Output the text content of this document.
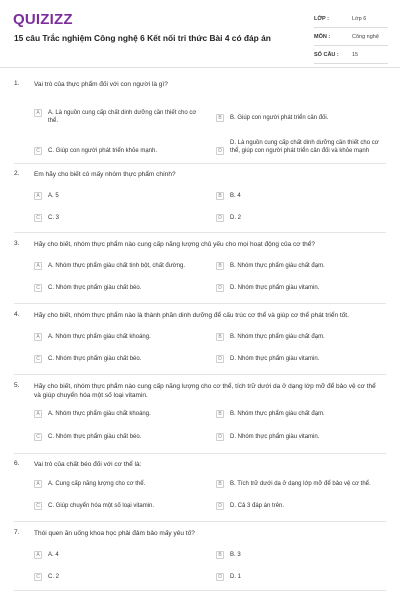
QUIZIZZ
15 câu Trắc nghiệm Công nghệ 6 Kết nối tri thức Bài 4 có đáp án
LỚP :	Lớp 6
MÔN :	Công nghệ
SỐ CÂU :	15
1. Vai trò của thực phẩm đối với con người là gì?
A	A. Là nguồn cung cấp chất dinh dưỡng cần thiết cho cơ thể.	B	B. Giúp con người phát triển cân đối.
C	C. Giúp con người phát triển khỏe mạnh.	D
D. Là nguồn cung cấp chất dinh dưỡng cần thiết cho cơ thể, giúp con người phát triển cân đối và khỏe mạnh
2. Em hãy cho biết có mấy nhóm thực phẩm chính?
A	A. 5	B	B. 4
C	C. 3	D	D. 2
3. Hãy cho biết, nhóm thực phẩm nào cung cấp năng lượng chủ yếu cho mọi hoạt động của cơ thể?
A	A. Nhóm thực phẩm giàu chất tinh bột, chất đường.	B	B. Nhóm thực phẩm giàu chất đạm.
C	C. Nhóm thực phẩm giàu chất béo.	D	D. Nhóm thực phẩm giàu vitamin.
4. Hãy cho biết, nhóm thực phẩm nào là thành phần dinh dưỡng để cấu trúc cơ thể và giúp cơ thể phát triển tốt.
A	A. Nhóm thực phẩm giàu chất khoáng.	B	B. Nhóm thực phẩm giàu chất đạm.
C	C. Nhóm thực phẩm giàu chất béo.	D	D. Nhóm thực phẩm giàu vitamin.
5. Hãy cho biết, nhóm thực phẩm nào cung cấp năng lượng cho cơ thể, tích trữ dưới da ở dạng lớp mỡ để bảo vệ cơ thể và giúp chuyển hóa một số loại vitamin.
A	A. Nhóm thực phẩm giàu chất khoáng.	B	B. Nhóm thực phẩm giàu chất đạm.
C	C. Nhóm thực phẩm giàu chất béo.	D	D. Nhóm thực phẩm giàu vitamin.
6. Vai trò của chất béo đối với cơ thể là:
A	A. Cung cấp năng lượng cho cơ thể.	B	B. Tích trữ dưới da ở dạng lớp mỡ để bảo vệ cơ thể.
C	C. Giúp chuyển hóa một số loại vitamin.	D	D. Cả 3 đáp án trên.
7. Thói quen ăn uống khoa học phải đảm bảo mấy yêu tố?
A	A. 4	B	B. 3
C	C. 2	D	D. 1
